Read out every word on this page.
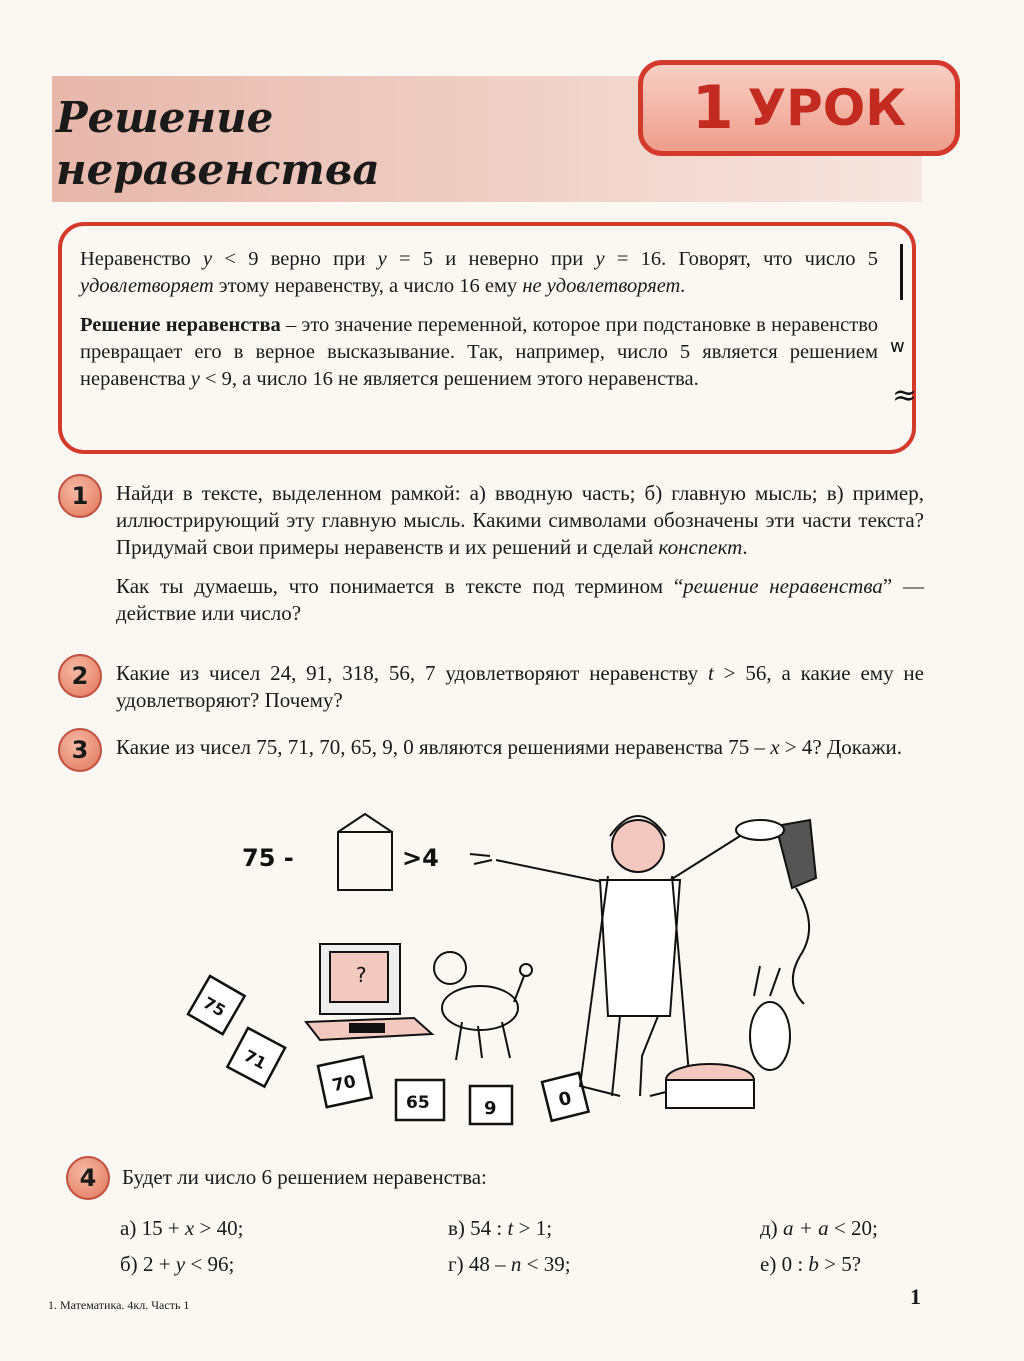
Решение
неравенства
1 УРОК

Неравенство y < 9 верно при y = 5 и неверно при y = 16. Говорят, что число 5 удовлетворяет этому неравенству, а число 16 ему не удовлетворяет.

Решение неравенства – это значение переменной, которое при подстановке в неравенство превращает его в верное высказывание. Так, например, число 5 является решением неравенства y < 9, а число 16 не является решением этого неравенства.

w
≈
1	Найди в тексте, выделенном рамкой: а) вводную часть; б) главную мысль; в) пример, иллюстрирующий эту главную мысль. Какими символами обозначены эти части текста? Придумай свои примеры неравенств и их решений и сделай конспект.

Как ты думаешь, что понимается в тексте под термином “решение неравенства” — действие или число?

2	Какие из чисел 24, 91, 318, 56, 7 удовлетворяют неравенству t > 56, а какие ему не удовлетворяют? Почему?

3	Какие из чисел 75, 71, 70, 65, 9, 0 являются решениями неравенства 75 – x > 4? Докажи.

75 -	>4
?
75
71
70
65	9	0
4	Будет ли число 6 решением неравенства:

а) 15 + x > 40;	в) 54 : t > 1;	д) a + a < 20;
б) 2 + y < 96;	г) 48 – n < 39;	е) 0 : b > 5?
1. Математика. 4кл. Часть 1	1
